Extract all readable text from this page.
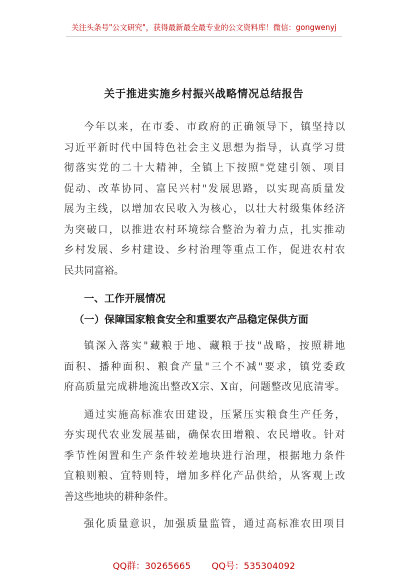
关注头条号"公文研究"，获得最新最全最专业的公文资料库！微信：gongwenyj
关于推进实施乡村振兴战略情况总结报告
今年以来，在市委、市政府的正确领导下，镇坚持以
习近平新时代中国特色社会主义思想为指导，认真学习贯
彻落实党的二十大精神，全镇上下按照"党建引领、项目
促动、改革协同、富民兴村"发展思路，以实现高质量发
展为主线，以增加农民收入为核心，以壮大村级集体经济
为突破口，以推进农村环境综合整治为着力点，扎实推动
乡村发展、乡村建设、乡村治理等重点工作，促进农村农
民共同富裕。
一、工作开展情况
（一）保障国家粮食安全和重要农产品稳定保供方面
镇深入落实"藏粮于地、藏粮于技"战略，按照耕地
面积、播种面积、粮食产量"三个不减"要求，镇党委政
府高质量完成耕地流出整改X宗、X亩，问题整改见底清零。
通过实施高标准农田建设，压紧压实粮食生产任务，
夯实现代农业发展基础，确保农田增粮、农民增收。针对
季节性闲置和生产条件较差地块进行治理，根据地力条件
宜粮则粮、宜特则特，增加多样化产品供给，从客观上改
善这些地块的耕种条件。
强化质量意识，加强质量监管，通过高标准农田项目
QQ群：30265665 QQ号：535304092
